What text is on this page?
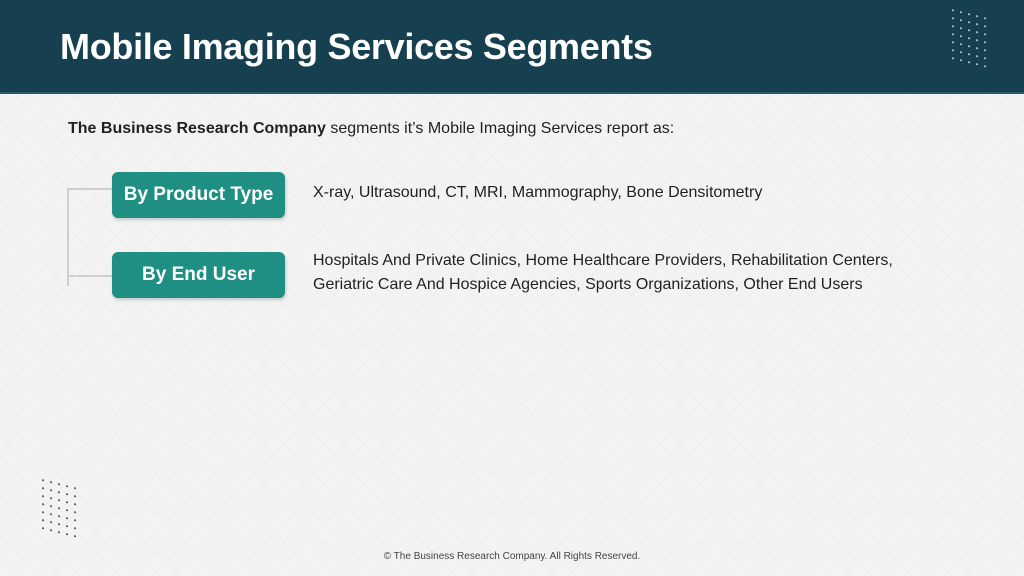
Mobile Imaging Services Segments

The Business Research Company segments it’s Mobile Imaging Services report as:

By Product Type	X-ray, Ultrasound, CT, MRI, Mammography, Bone Densitometry
By End User
Hospitals And Private Clinics, Home Healthcare Providers, Rehabilitation Centers, Geriatric Care And Hospice Agencies, Sports Organizations, Other End Users
© The Business Research Company. All Rights Reserved.
